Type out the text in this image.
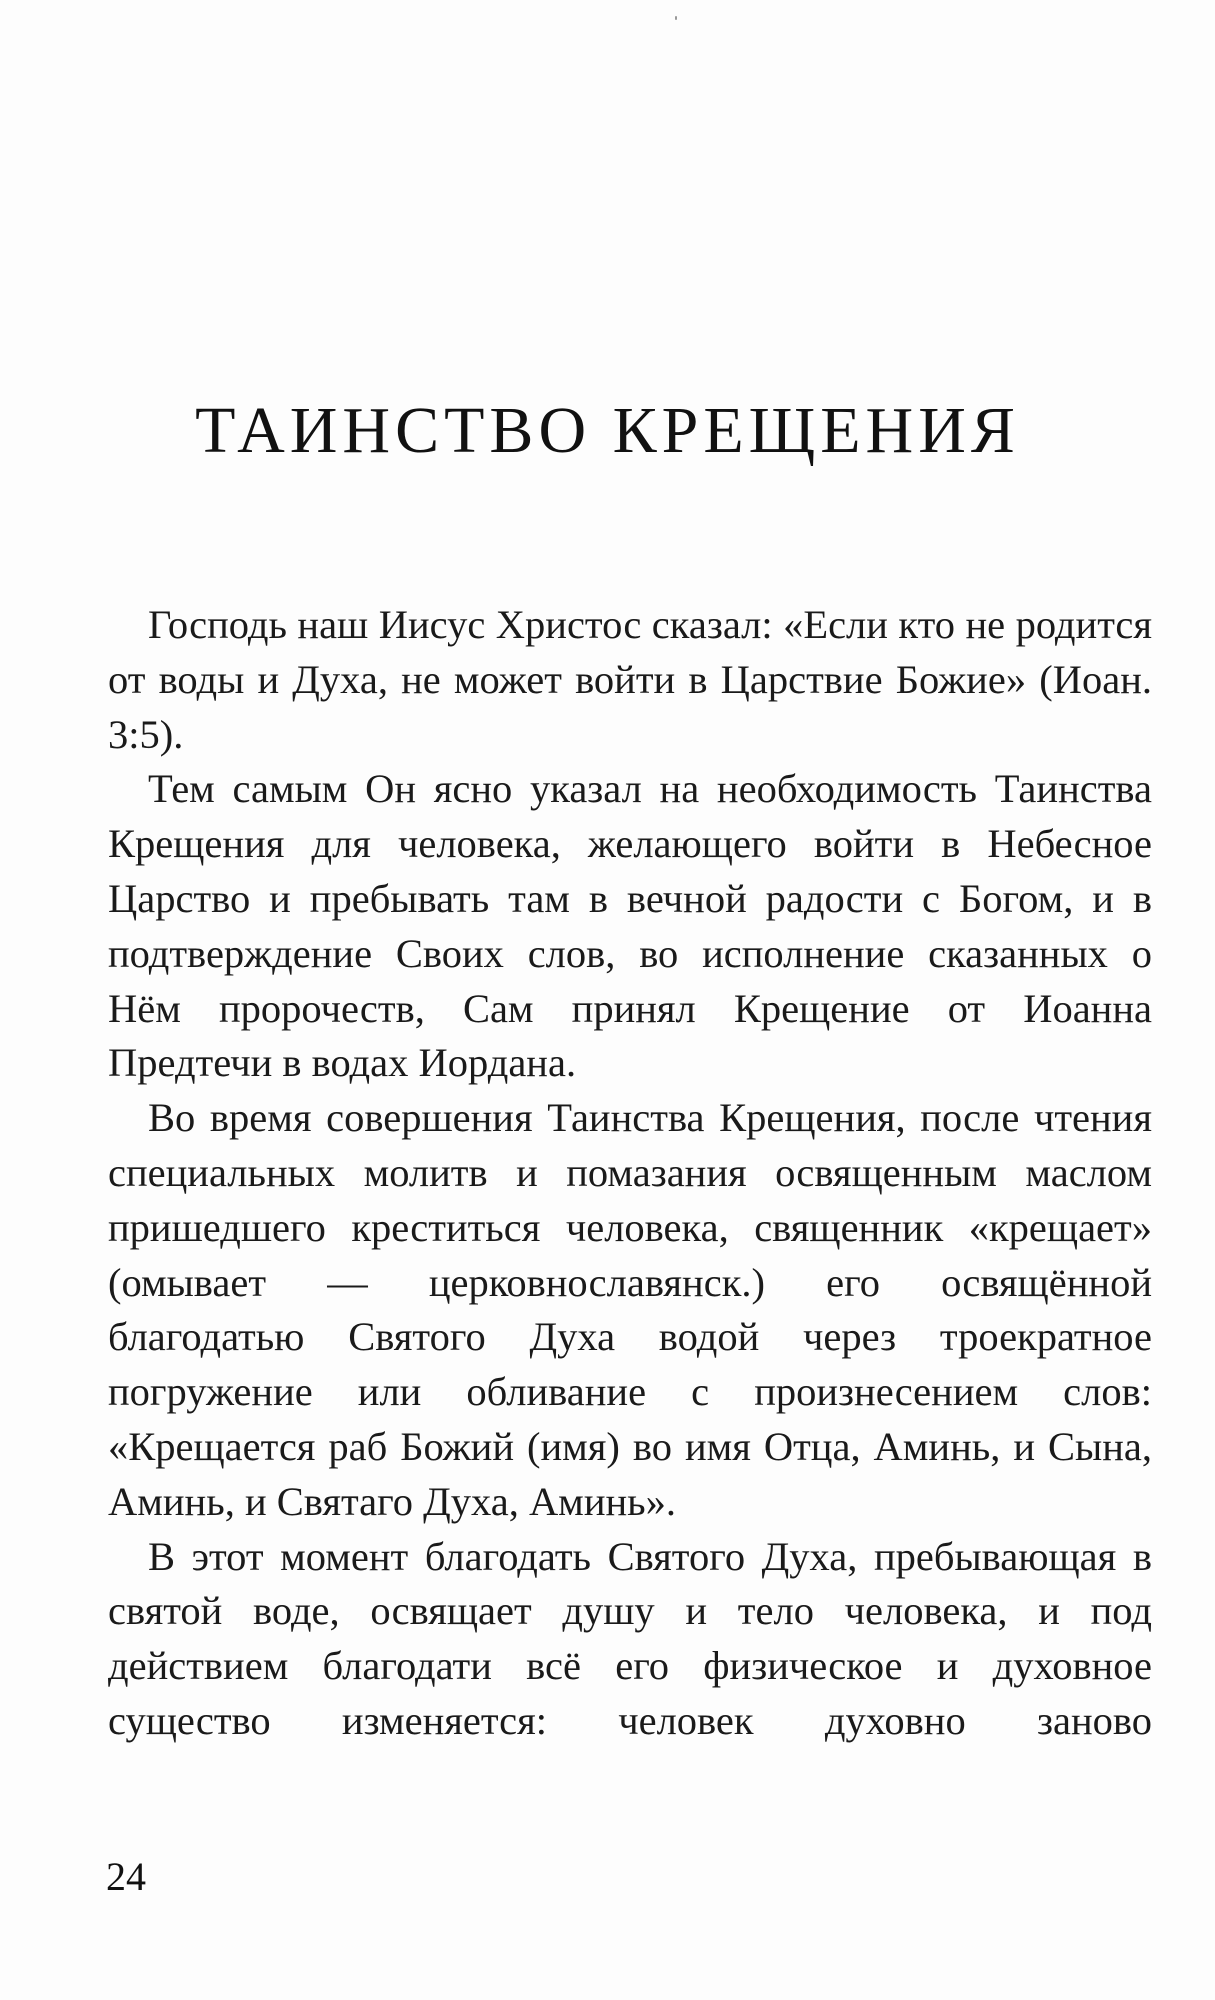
ТАИНСТВО КРЕЩЕНИЯ

Господь наш Иисус Христос сказал: «Если кто не родится от воды и Духа, не может войти в Царствие Божие» (Иоан. 3:5).

Тем самым Он ясно указал на необходимость Таинства Крещения для человека, желающего войти в Небесное Царство и пребывать там в вечной радости с Богом, и в подтверждение Своих слов, во исполнение сказанных о Нём пророчеств, Сам принял Крещение от Иоанна Предтечи в водах Иордана.

Во время совершения Таинства Крещения, после чтения специальных молитв и помазания освященным маслом пришедшего креститься человека, священник «крещает» (омывает — церковнославянск.) его освящённой благодатью Святого Духа водой через троекратное погружение или обливание с произнесением слов: «Крещается раб Божий (имя) во имя Отца, Аминь, и Сына, Аминь, и Святаго Духа, Аминь».

В этот момент благодать Святого Духа, пребывающая в святой воде, освящает душу и тело человека, и под действием благодати всё его физическое и духовное существо изменяется: человек духовно заново

24
